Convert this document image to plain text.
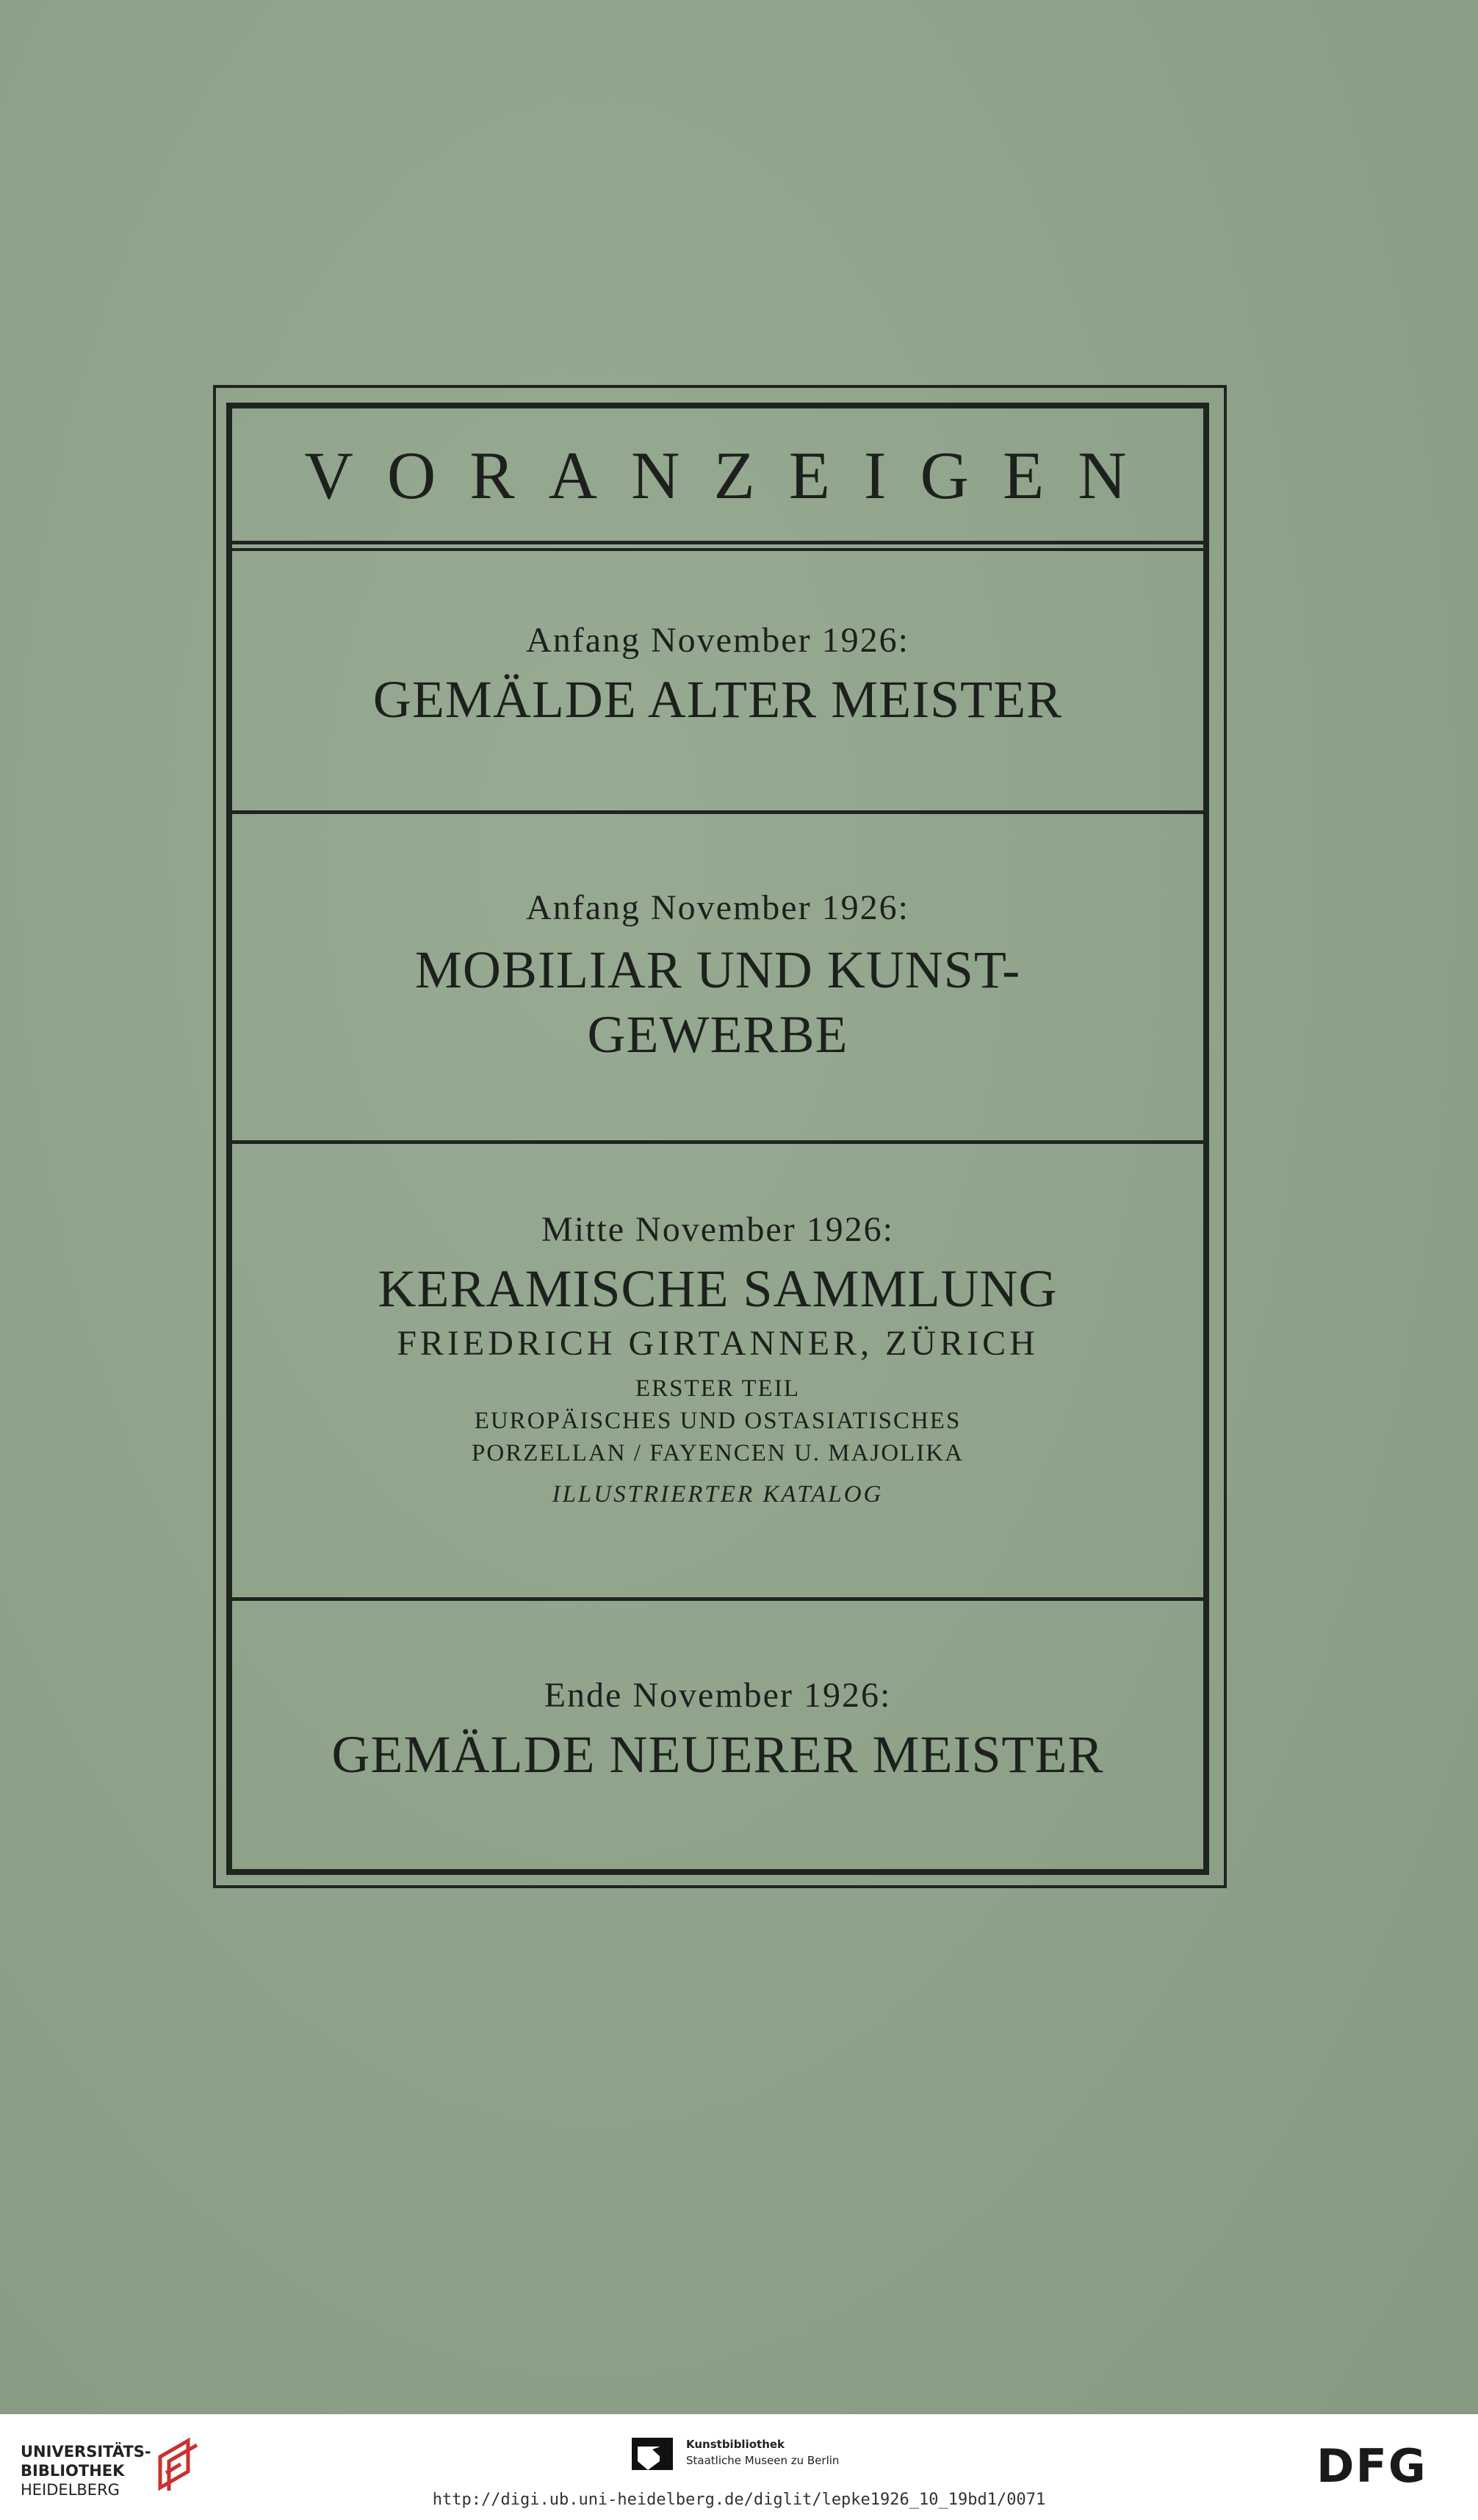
VORANZEIGEN
Anfang November 1926:
GEMÄLDE ALTER MEISTER
Anfang November 1926:
MOBILIAR UND KUNST-
GEWERBE
Mitte November 1926:
KERAMISCHE SAMMLUNG
FRIEDRICH GIRTANNER, ZÜRICH
ERSTER TEIL
EUROPÄISCHES UND OSTASIATISCHES
PORZELLAN / FAYENCEN U. MAJOLIKA
ILLUSTRIERTER KATALOG
Ende November 1926:
GEMÄLDE NEUERER MEISTER
UNIVERSITÄTS-
BIBLIOTHEK
HEIDELBERG
Kunstbibliothek
Staatliche Museen zu Berlin	DFG
http://digi.ub.uni-heidelberg.de/diglit/lepke1926_10_19bd1/0071
